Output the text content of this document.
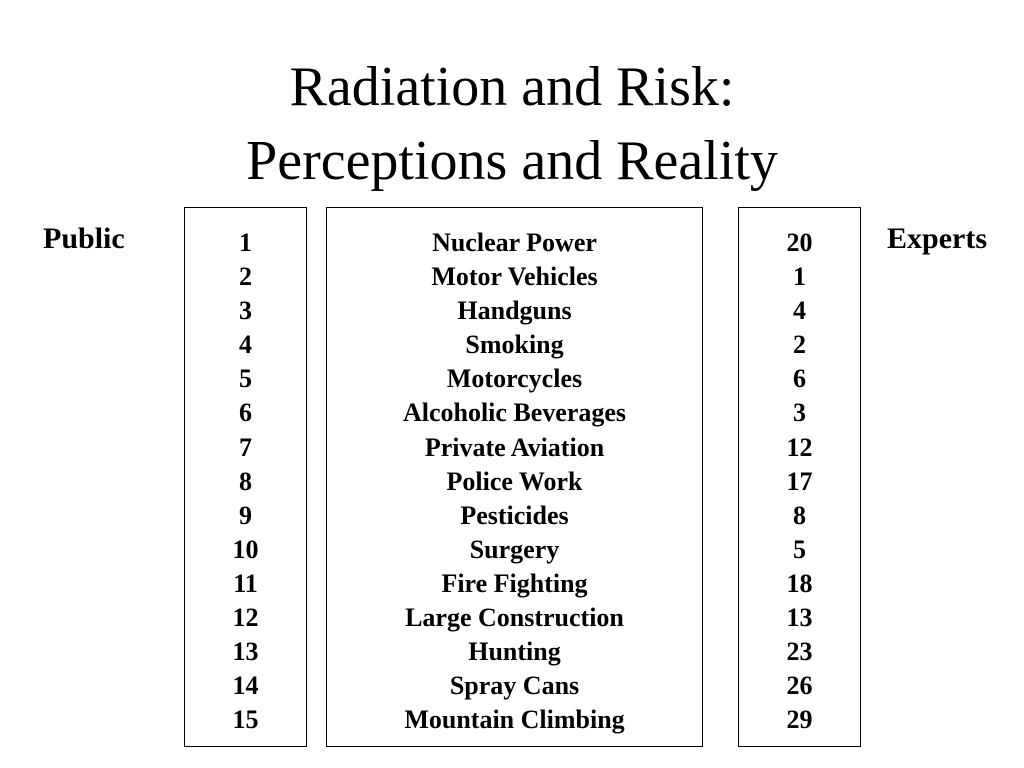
Radiation and Risk:
Perceptions and Reality
Public	Experts
1
2
3
4
5
6
7
8
9
10
11
12
13
14
15
Nuclear Power
Motor Vehicles
Handguns
Smoking
Motorcycles
Alcoholic Beverages
Private Aviation
Police Work
Pesticides
Surgery
Fire Fighting
Large Construction
Hunting
Spray Cans
Mountain Climbing
20
1
4
2
6
3
12
17
8
5
18
13
23
26
29
